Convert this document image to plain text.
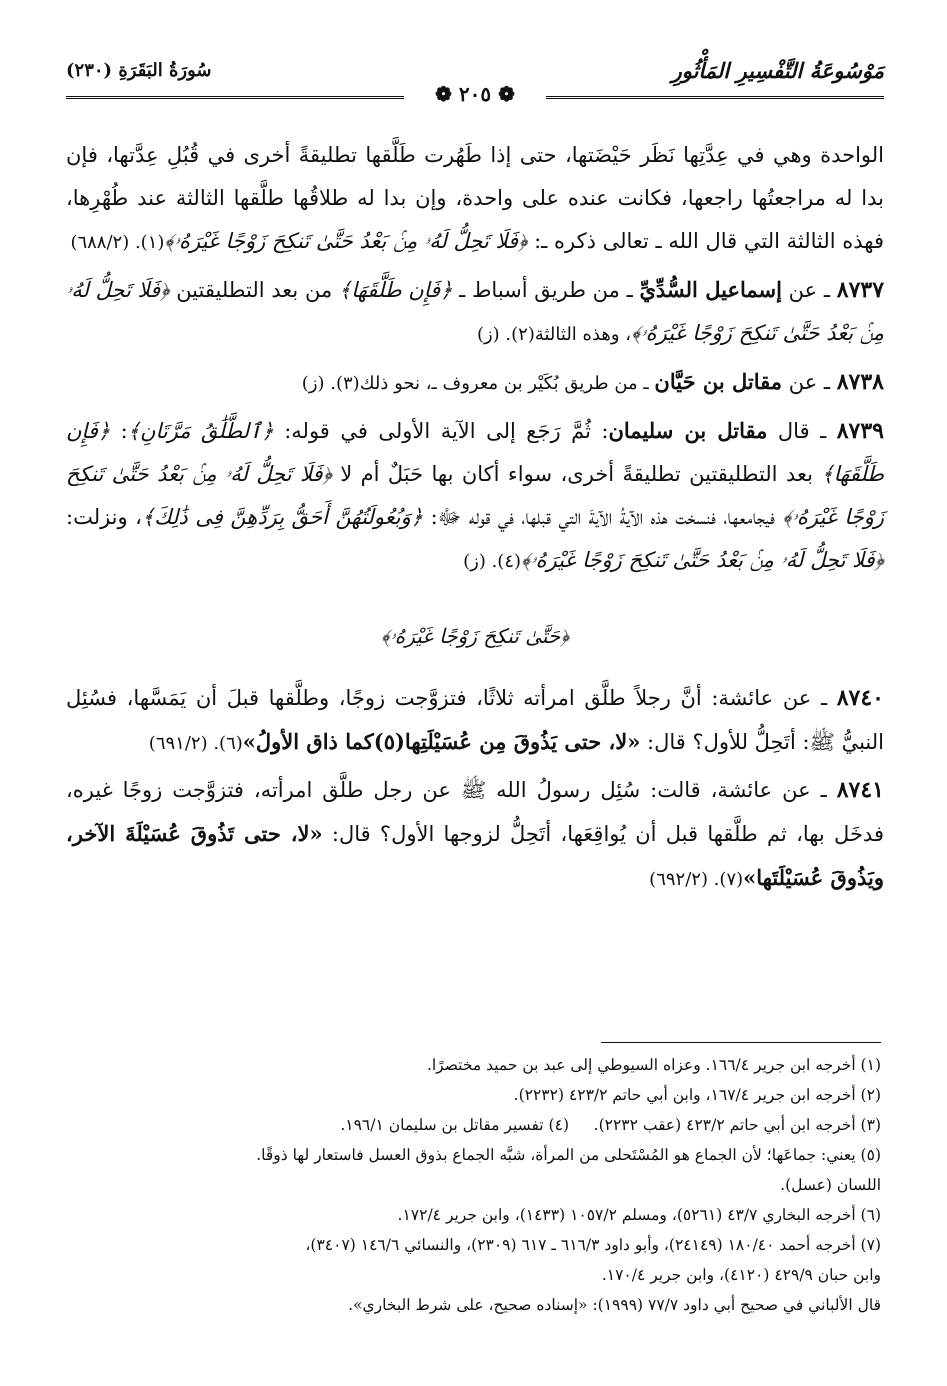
مَوْسُوعَةُ التَّفْسِيرِ المَأْثُورِ
سُورَةُ البَقَرَةِ (٢٣٠)
❁ ٢٠٥ ❁

الواحدة وهي في عِدَّتِها نَظَر حَيْضَتها، حتى إذا طَهُرت طَلَّقها تطليقةً أخرى في قُبُلِ عِدَّتها، فإن بدا له مراجعتُها راجعها، فكانت عنده على واحدة، وإن بدا له طلاقُها طلَّقها الثالثة عند طُهْرِها، فهذه الثالثة التي قال الله ـ تعالى ذكره ـ: ﴿فَلَا تَحِلُّ لَهُۥ مِنۢ بَعْدُ حَتَّىٰ تَنكِحَ زَوْجًا غَيْرَهُۥ﴾(١). (٦٨٨/٢)

٨٧٣٧ ـ عن إسماعيل السُّدِّيِّ ـ من طريق أسباط ـ ﴿فَإِن طَلَّقَهَا﴾ من بعد التطليقتين ﴿فَلَا تَحِلُّ لَهُۥ مِنۢ بَعْدُ حَتَّىٰ تَنكِحَ زَوْجًا غَيْرَهُۥ﴾، وهذه الثالثة(٢). (ز)

٨٧٣٨ ـ عن مقاتل بن حَيَّان ـ من طريق بُكَيْر بن معروف ـ، نحو ذلك(٣). (ز)

٨٧٣٩ ـ قال مقاتل بن سليمان: ثُمَّ رَجَع إلى الآية الأولى في قوله: ﴿ٱلطَّلَٰقُ مَرَّتَانِ﴾: ﴿فَإِن طَلَّقَهَا﴾ بعد التطليقتين تطليقةً أخرى، سواء أكان بها حَبَلٌ أم لا ﴿فَلَا تَحِلُّ لَهُۥ مِنۢ بَعْدُ حَتَّىٰ تَنكِحَ زَوْجًا غَيْرَهُۥ﴾ فيجامعها، فنسخت هذه الآيةُ الآيةَ التي قبلها، في قوله ﷻ: ﴿وَبُعُولَتُهُنَّ أَحَقُّ بِرَدِّهِنَّ فِى ذَٰلِكَ﴾، ونزلت: ﴿فَلَا تَحِلُّ لَهُۥ مِنۢ بَعْدُ حَتَّىٰ تَنكِحَ زَوْجًا غَيْرَهُۥ﴾(٤). (ز)

﴿حَتَّىٰ تَنكِحَ زَوْجًا غَيْرَهُۥ﴾

٨٧٤٠ ـ عن عائشة: أنَّ رجلاً طلَّق امرأته ثلاثًا، فتزوَّجت زوجًا، وطلَّقها قبلَ أن يَمَسَّها، فسُئِل النبيُّ ﷺ: أتَحِلُّ للأول؟ قال: «لا، حتى يَذُوقَ مِن عُسَيْلَتِها(٥)كما ذاق الأولُ»(٦). (٦٩١/٢)

٨٧٤١ ـ عن عائشة، قالت: سُئِل رسولُ الله ﷺ عن رجل طلَّق امرأته، فتزوَّجت زوجًا غيره، فدخَل بها، ثم طلَّقها قبل أن يُواقِعَها، أتَحِلُّ لزوجها الأول؟ قال: «لا، حتى تَذُوقَ عُسَيْلَةَ الآخر، ويَذُوقَ عُسَيْلَتَها»(٧). (٦٩٢/٢)

(١) أخرجه ابن جرير ١٦٦/٤. وعزاه السيوطي إلى عبد بن حميد مختصرًا.
(٢) أخرجه ابن جرير ١٦٧/٤، وابن أبي حاتم ٤٢٣/٢ (٢٢٣٢).
(٣) أخرجه ابن أبي حاتم ٤٢٣/٢ (عقب ٢٢٣٢).     (٤) تفسير مقاتل بن سليمان ١٩٦/١.
(٥) يعني: جماعَها؛ لأن الجماع هو المُسْتَحلى من المرأة، شبَّه الجماع بذوق العسل فاستعار لها ذوقًا.
اللسان (عسل).
(٦) أخرجه البخاري ٤٣/٧ (٥٢٦١)، ومسلم ١٠٥٧/٢ (١٤٣٣)، وابن جرير ١٧٢/٤.
(٧) أخرجه أحمد ١٨٠/٤٠ (٢٤١٤٩)، وأبو داود ٦١٦/٣ ـ ٦١٧ (٢٣٠٩)، والنسائي ١٤٦/٦ (٣٤٠٧)،
وابن حبان ٤٢٩/٩ (٤١٢٠)، وابن جرير ١٧٠/٤.
قال الألباني في صحيح أبي داود ٧٧/٧ (١٩٩٩): «إسناده صحيح، على شرط البخاري».
